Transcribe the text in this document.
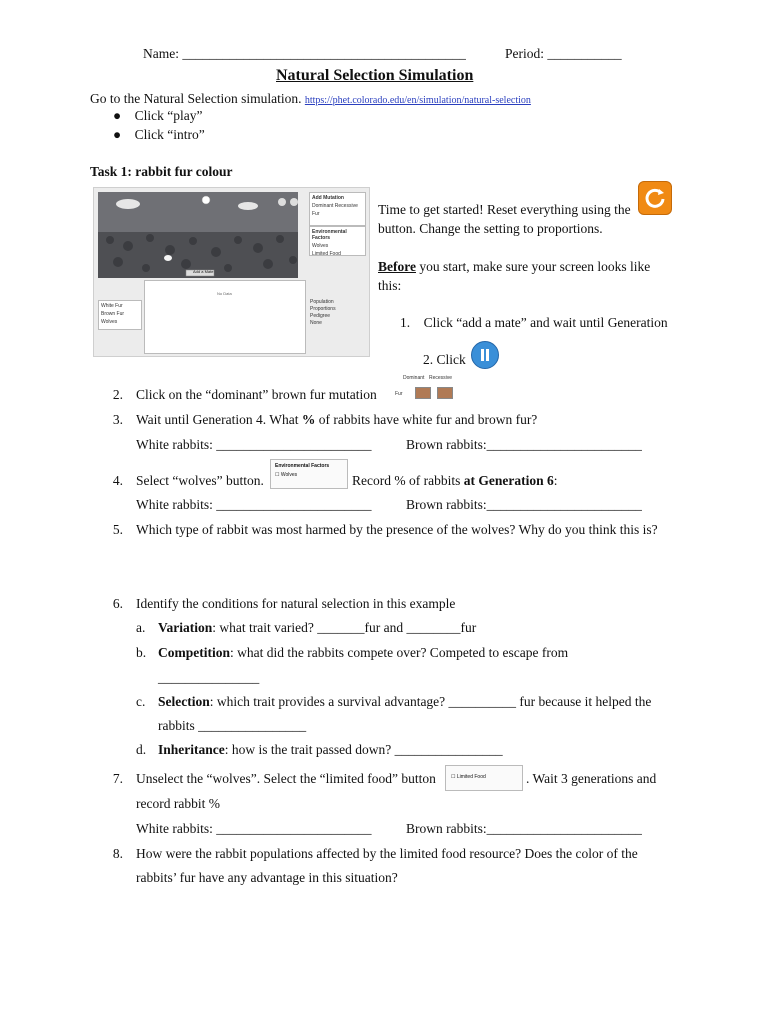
Name: __________________________________________	Period: ___________
Natural Selection Simulation
Go to the Natural Selection simulation. https://phet.colorado.edu/en/simulation/natural-selection
●    Click “play”
●    Click “intro”
Task 1: rabbit fur colour
Add a Mate
No Data
White Fur
Brown Fur
Wolves
Add Mutation
Dominant Recessive
Fur
Environmental Factors
Wolves
Limited Food
Population
Proportions
Pedigree
None
Time to get started! Reset everything using the
button. Change the setting to proportions.
Before you start, make sure your screen looks like
this:
1.    Click “add a mate” and wait until Generation
2. Click
Dominant Recessive
Fur
2. Click on the “dominant” brown fur mutation
3. Wait until Generation 4. What % of rabbits have white fur and brown fur?
White rabbits: _______________________	Brown rabbits:_______________________
4. Select “wolves” button.
Environmental Factors
☐ Wolves	Record % of rabbits at Generation 6:
White rabbits: _______________________	Brown rabbits:_______________________
5. Which type of rabbit was most harmed by the presence of the wolves? Why do you think this is?
6. Identify the conditions for natural selection in this example
a. Variation: what trait varied? _______fur and ________fur
b. Competition: what did the rabbits compete over? Competed to escape from
_______________
c. Selection: which trait provides a survival advantage? __________ fur because it helped the
rabbits ________________
d. Inheritance: how is the trait passed down? ________________
7. Unselect the “wolves”. Select the “limited food” button	☐ Limited Food	. Wait 3 generations and
record rabbit %
White rabbits: _______________________	Brown rabbits:_______________________
8. How were the rabbit populations affected by the limited food resource? Does the color of the
rabbits’ fur have any advantage in this situation?
